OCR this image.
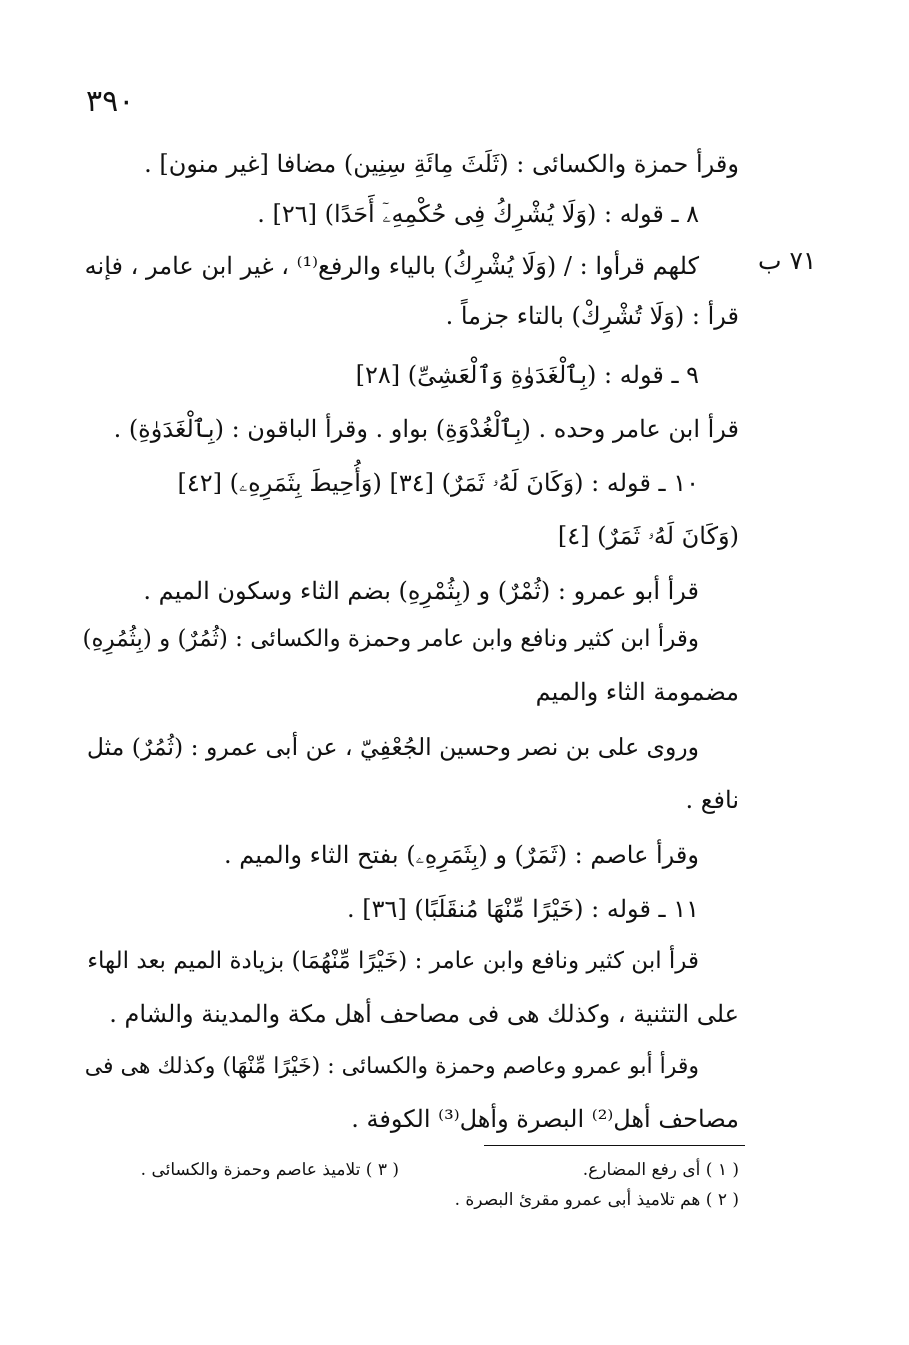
٣٩٠
٧١ ب
وقرأ حمزة والكسائى : (ثَلَثَ مِائَةِ سِنِين) مضافا [غير منون] .
٨ ـ قوله : (وَلَا يُشْرِكُ فِى حُكْمِهِۦٓ أَحَدًا) [٢٦] .
كلهم قرأوا : / (وَلَا يُشْرِكُ) بالياء والرفع⁽¹⁾ ، غير ابن عامر ، فإنه
قرأ : (وَلَا تُشْرِكْ) بالتاء جزماً .
٩ ـ قوله : (بِٱلْغَدَوٰةِ وَٱلْعَشِىِّ) [٢٨]
قرأ ابن عامر وحده . (بِٱلْغُدْوَةِ) بواو . وقرأ الباقون : (بِٱلْغَدَوٰةِ) .
١٠ ـ قوله : (وَكَانَ لَهُۥ ثَمَرٌ) [٣٤] (وَأُحِيطَ بِثَمَرِهِۦ) [٤٢]
(وَكَانَ لَهُۥ ثَمَرٌ) [٤]
قرأ أبو عمرو : (ثُمْرٌ) و (بِثُمْرِهِ) بضم الثاء وسكون الميم .
وقرأ ابن كثير ونافع وابن عامر وحمزة والكسائى : (ثُمُرٌ) و (بِثُمُرِهِ)
مضمومة الثاء والميم
وروى على بن نصر وحسين الجُعْفِيّ ، عن أبى عمرو : (ثُمُرٌ) مثل
نافع .
وقرأ عاصم : (ثَمَرٌ) و (بِثَمَرِهِۦ) بفتح الثاء والميم .
١١ ـ قوله : (خَيْرًا مِّنْهَا مُنقَلَبًا) [٣٦] .
قرأ ابن كثير ونافع وابن عامر : (خَيْرًا مِّنْهُمَا) بزيادة الميم بعد الهاء
على التثنية ، وكذلك هى فى مصاحف أهل مكة والمدينة والشام .
وقرأ أبو عمرو وعاصم وحمزة والكسائى : (خَيْرًا مِّنْهَا) وكذلك هى فى
مصاحف أهل⁽²⁾ البصرة وأهل⁽³⁾ الكوفة .
( ١ ) أى رفع المضارع.
( ٢ ) هم تلاميذ أبى عمرو مقرئ البصرة .
( ٣ ) تلاميذ عاصم وحمزة والكسائى .
